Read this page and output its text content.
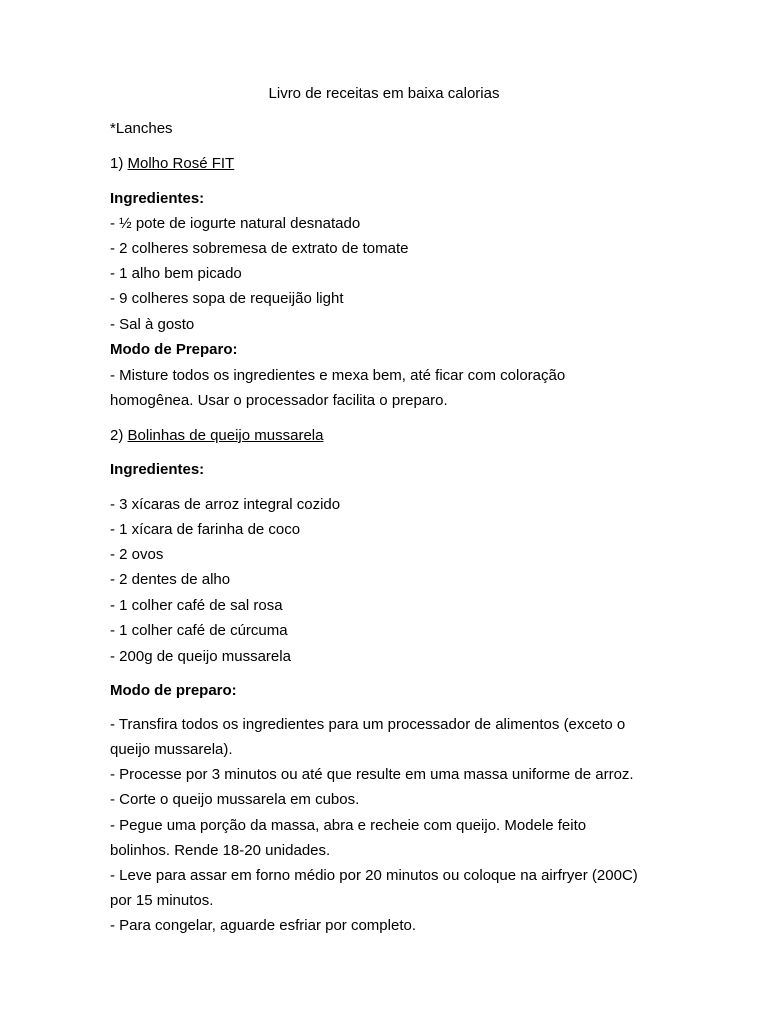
Livro de receitas em baixa calorias
*Lanches
1) Molho Rosé FIT
Ingredientes:
- ½ pote de iogurte natural desnatado
- 2 colheres sobremesa de extrato de tomate
- 1 alho bem picado
- 9 colheres sopa de requeijão light
- Sal à gosto
Modo de Preparo:
- Misture todos os ingredientes e mexa bem, até ficar com coloração
homogênea. Usar o processador facilita o preparo.
2) Bolinhas de queijo mussarela
Ingredientes:
- 3 xícaras de arroz integral cozido
- 1 xícara de farinha de coco
- 2 ovos
- 2 dentes de alho
- 1 colher café de sal rosa
- 1 colher café de cúrcuma
- 200g de queijo mussarela
Modo de preparo:
- Transfira todos os ingredientes para um processador de alimentos (exceto o
queijo mussarela).
- Processe por 3 minutos ou até que resulte em uma massa uniforme de arroz.
- Corte o queijo mussarela em cubos.
- Pegue uma porção da massa, abra e recheie com queijo. Modele feito
bolinhos. Rende 18-20 unidades.
- Leve para assar em forno médio por 20 minutos ou coloque na airfryer (200C)
por 15 minutos.
- Para congelar, aguarde esfriar por completo.
